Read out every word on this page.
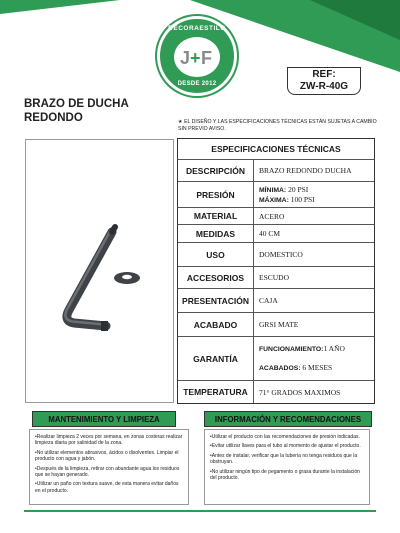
DECORAESTILO
J + F
DESDE 2012
REF:
ZW-R-40G
BRAZO DE DUCHA
REDONDO	★ EL DISEÑO Y LAS ESPECIFICACIONES TÉCNICAS ESTÁN SUJETAS A CAMBIO SIN PREVIO AVISO.
ESPECIFICACIONES TÉCNICAS
DESCRIPCIÓN	BRAZO REDONDO DUCHA
PRESIÓN	MÍNIMA: 20 PSI
MÁXIMA: 100 PSI
MATERIAL	ACERO
MEDIDAS	40 CM
USO	DOMESTICO
ACCESORIOS	ESCUDO
PRESENTACIÓN	CAJA
ACABADO	GRSI MATE
GARANTÍA
FUNCIONAMIENTO:1 AÑO
ACABADOS: 6 MESES
TEMPERATURA	71° GRADOS MAXIMOS
MANTENIMIENTO Y LIMPIEZA	INFORMACIÓN Y RECOMENDACIONES

•Realizar limpieza 2 veces por semana, en zonas costeras realizar limpieza diaria por salinidad de la zona.

•No utilizar elementos abrasivos, ácidos o disolventes. Limpiar el producto con agua y jabón.

•Después de la limpieza, retirar con abundante agua los residuos que se hayan generado.

•Utilizar un paño con textura suave, de esta manera evitar daños en el producto.

•Utilizar el producto con las recomendaciones de presión indicadas.

•Evitar utilizar llaves para el tubo al momento de ajustar el producto.

•Antes de instalar, verificar que la tubería no tenga residuos que la obstruyan.

•No utilizar ningún tipo de pegamento o grasa durante la instalación del producto.
